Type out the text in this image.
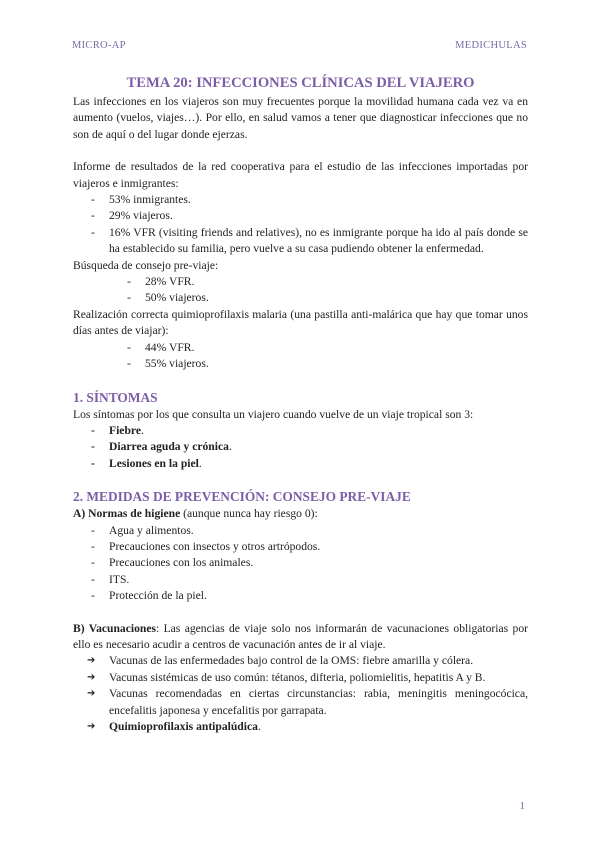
MICRO-AP	MEDICHULAS
TEMA 20: INFECCIONES CLÍNICAS DEL VIAJERO

Las infecciones en los viajeros son muy frecuentes porque la movilidad humana cada vez va en aumento (vuelos, viajes…). Por ello, en salud vamos a tener que diagnosticar infecciones que no son de aquí o del lugar donde ejerzas.

Informe de resultados de la red cooperativa para el estudio de las infecciones importadas por viajeros e inmigrantes:

- 53% inmigrantes.
- 29% viajeros.
- 16% VFR (visiting friends and relatives), no es inmigrante porque ha ido al país donde se ha establecido su familia, pero vuelve a su casa pudiendo obtener la enfermedad.

Búsqueda de consejo pre-viaje:

- 28% VFR.
- 50% viajeros.

Realización correcta quimioprofilaxis malaria (una pastilla anti-malárica que hay que tomar unos días antes de viajar):

- 44% VFR.
- 55% viajeros.
1. SÍNTOMAS

Los síntomas por los que consulta un viajero cuando vuelve de un viaje tropical son 3:

- Fiebre.
- Diarrea aguda y crónica.
- Lesiones en la piel.
2. MEDIDAS DE PREVENCIÓN: CONSEJO PRE-VIAJE

A) Normas de higiene (aunque nunca hay riesgo 0):

- Agua y alimentos.
- Precauciones con insectos y otros artrópodos.
- Precauciones con los animales.
- ITS.
- Protección de la piel.

B) Vacunaciones: Las agencias de viaje solo nos informarán de vacunaciones obligatorias por ello es necesario acudir a centros de vacunación antes de ir al viaje.

➔ Vacunas de las enfermedades bajo control de la OMS: fiebre amarilla y cólera.
➔ Vacunas sistémicas de uso común: tétanos, difteria, poliomielitis, hepatitis A y B.
➔ Vacunas recomendadas en ciertas circunstancias: rabia, meningitis meningocócica, encefalitis japonesa y encefalitis por garrapata.
➔ Quimioprofilaxis antipalúdica.
1
